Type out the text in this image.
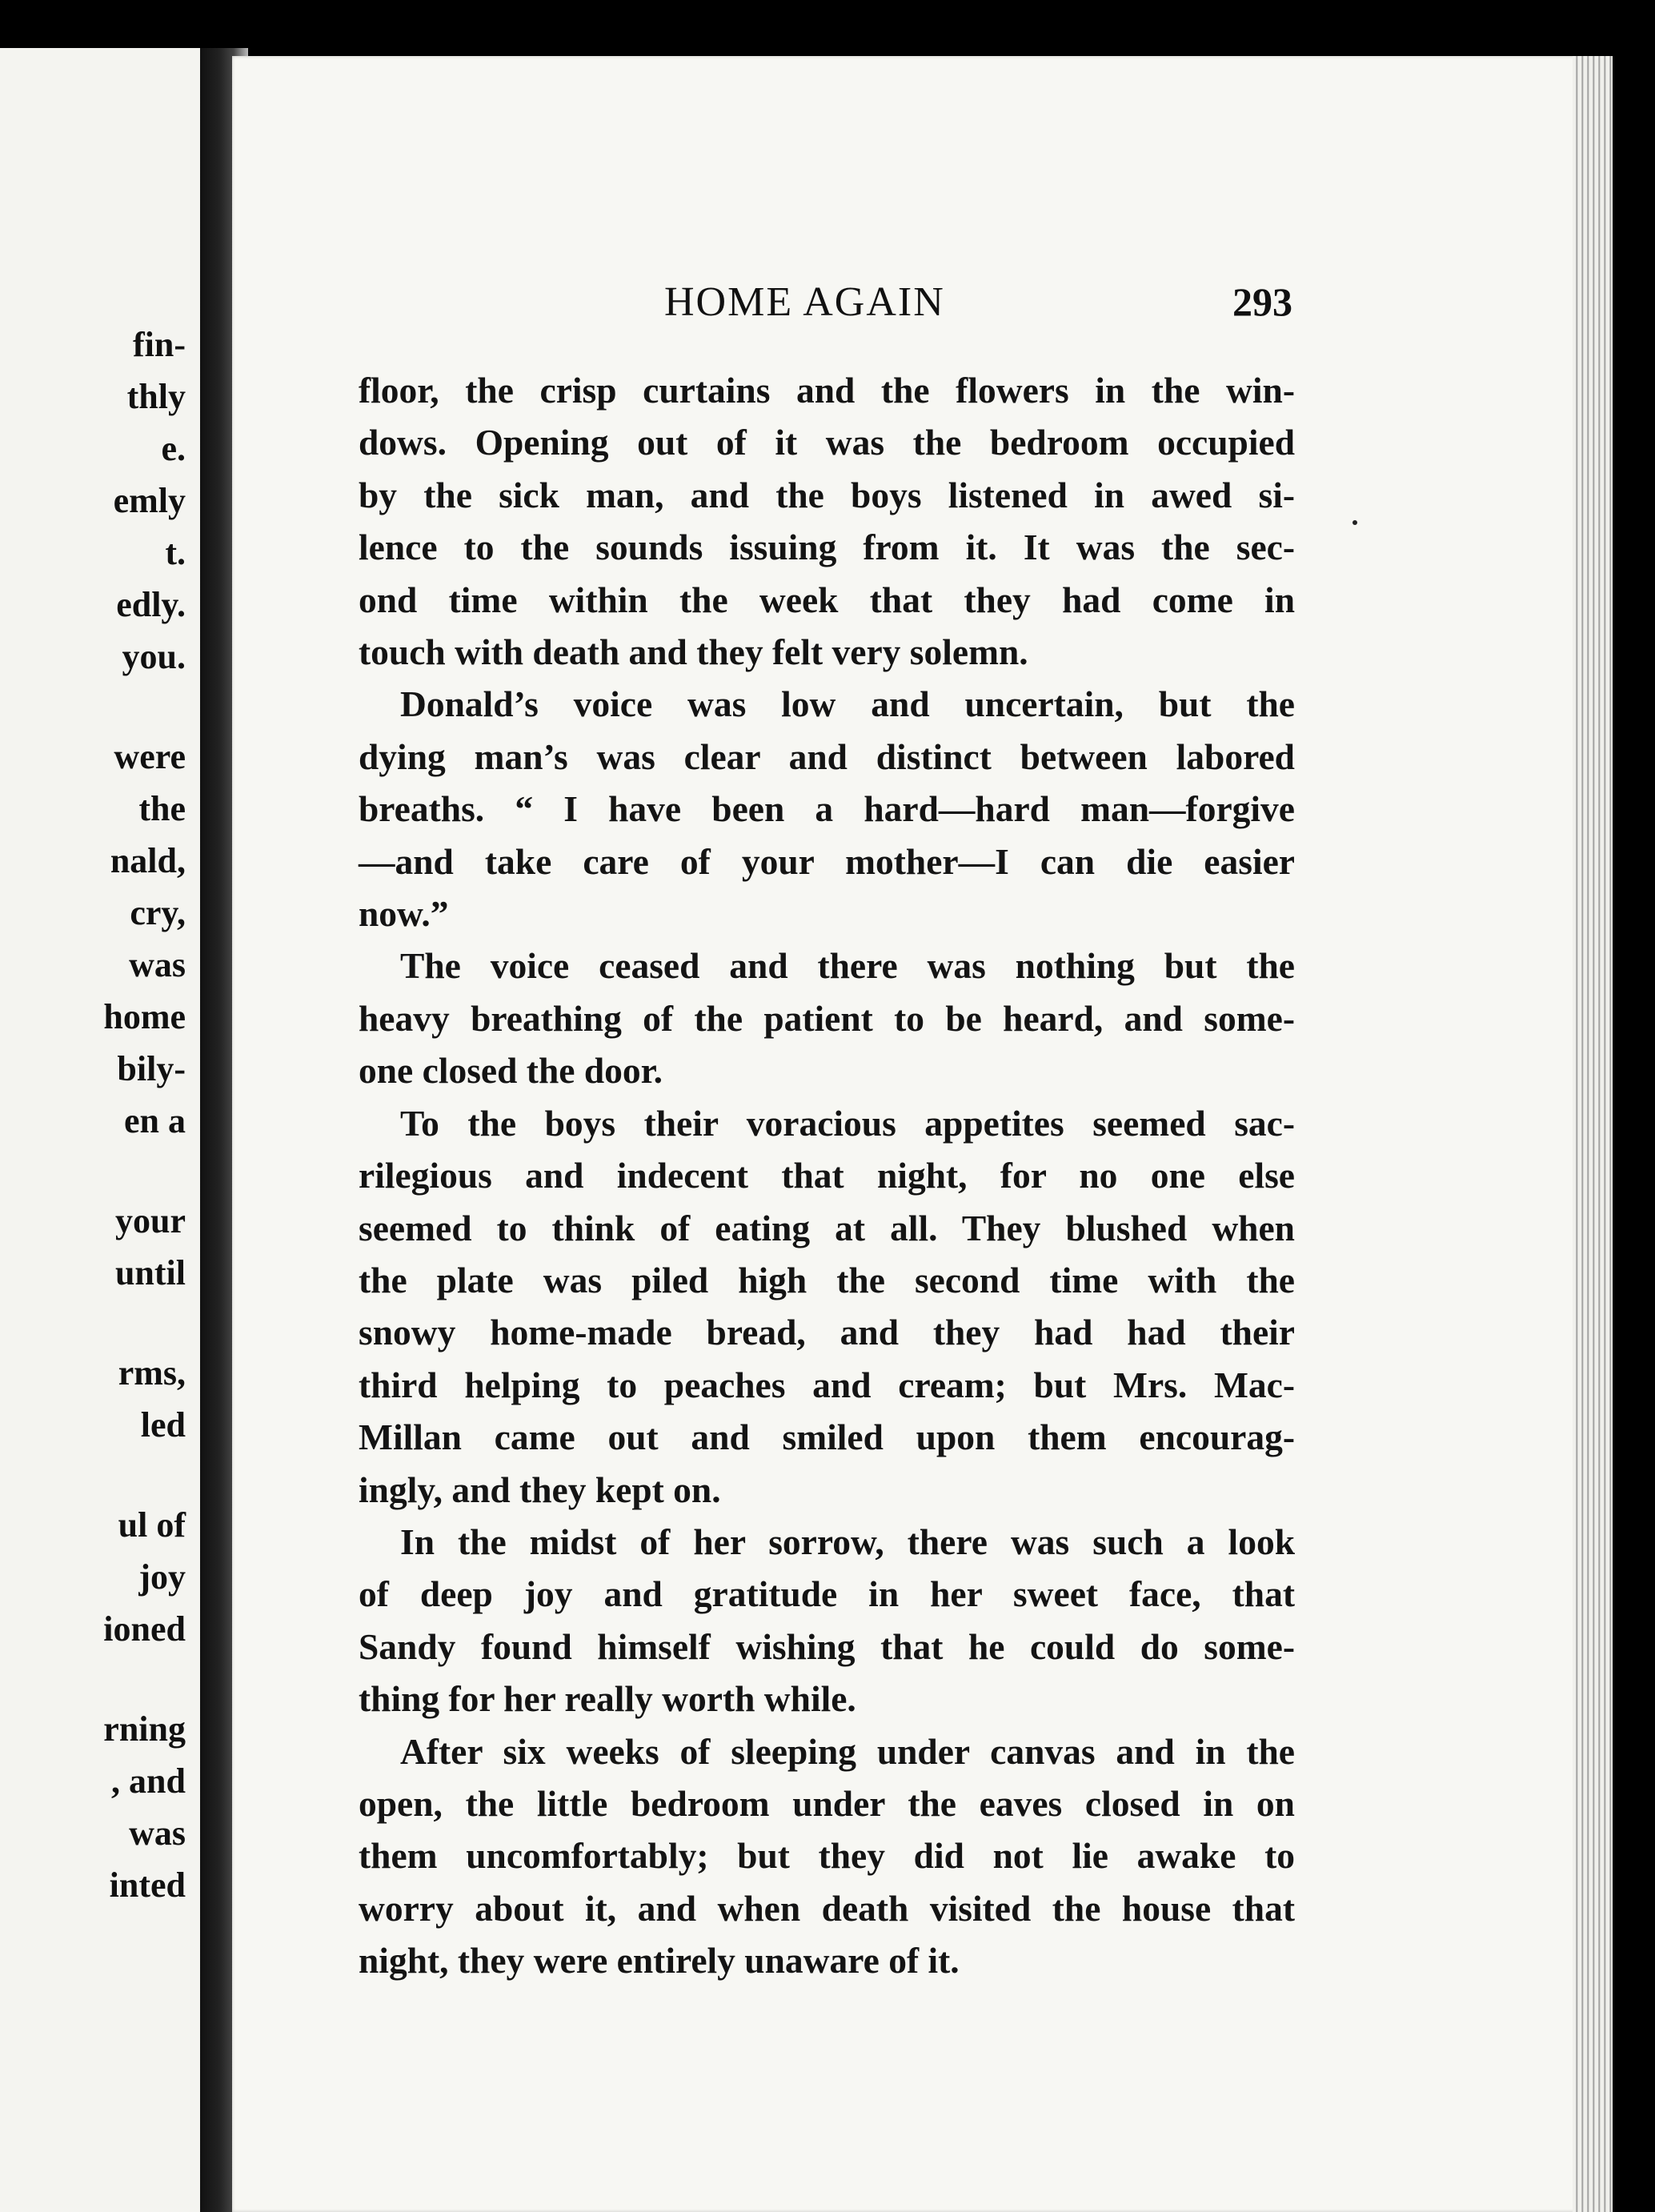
fin-
thly
e.
emly
t.
edly.
you.
were
the
nald,
cry,
was
home
bily-
en a
your
until
rms,
led
ul of
joy
ioned
rning
, and
was
inted
HOME AGAIN	293

floor, the crisp curtains and the flowers in the win-
dows. Opening out of it was the bedroom occupied
by the sick man, and the boys listened in awed si-
lence to the sounds issuing from it. It was the sec-
ond time within the week that they had come in
touch with death and they felt very solemn.

Donald’s voice was low and uncertain, but the
dying man’s was clear and distinct between labored
breaths. “ I have been a hard—hard man—forgive
—and take care of your mother—I can die easier
now.”

The voice ceased and there was nothing but the
heavy breathing of the patient to be heard, and some-
one closed the door.

To the boys their voracious appetites seemed sac-
rilegious and indecent that night, for no one else
seemed to think of eating at all. They blushed when
the plate was piled high the second time with the
snowy home-made bread, and they had had their
third helping to peaches and cream; but Mrs. Mac-
Millan came out and smiled upon them encourag-
ingly, and they kept on.

In the midst of her sorrow, there was such a look
of deep joy and gratitude in her sweet face, that
Sandy found himself wishing that he could do some-
thing for her really worth while.

After six weeks of sleeping under canvas and in the
open, the little bedroom under the eaves closed in on
them uncomfortably; but they did not lie awake to
worry about it, and when death visited the house that
night, they were entirely unaware of it.
